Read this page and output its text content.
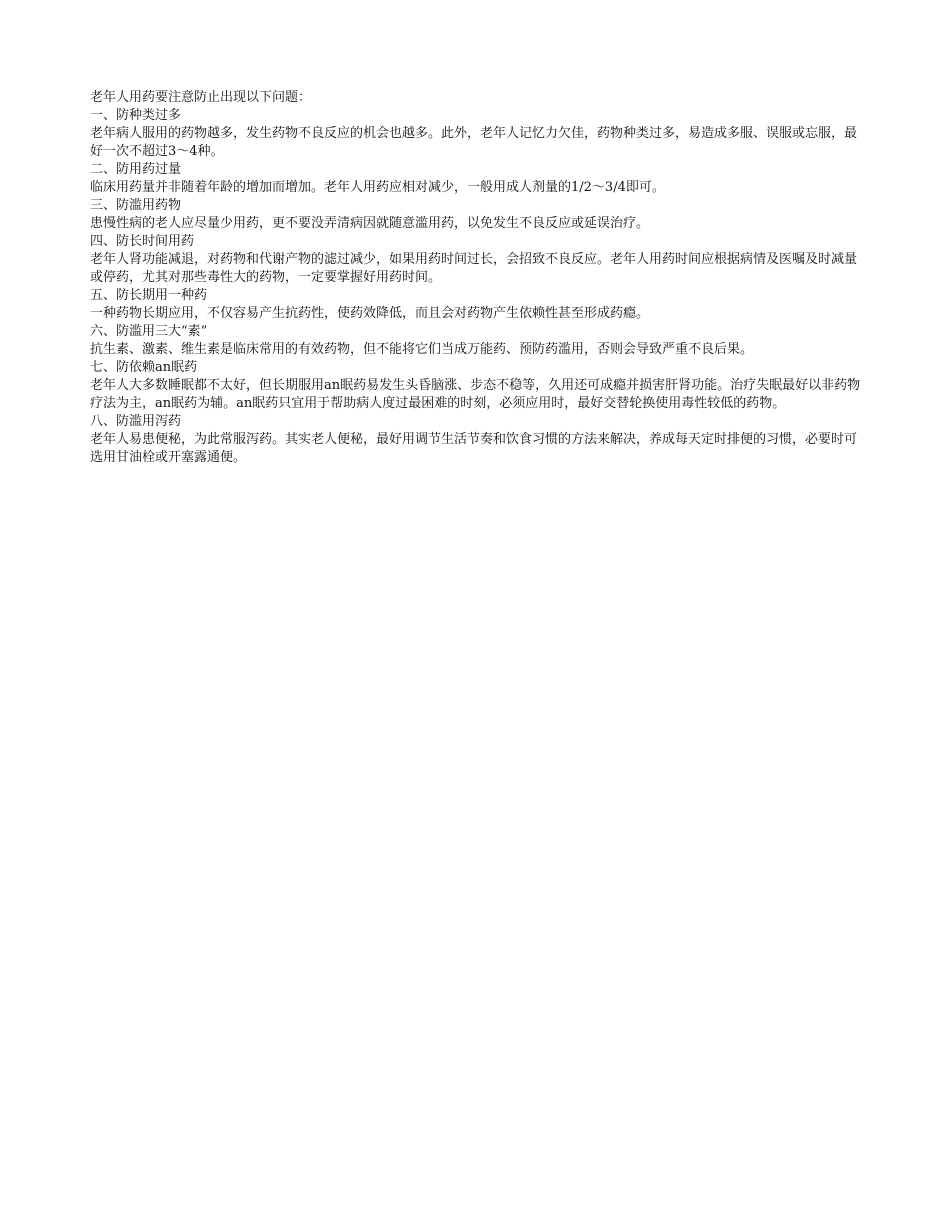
老年人用药要注意防止出现以下问题：

一、防种类过多

老年病人服用的药物越多，发生药物不良反应的机会也越多。此外，老年人记忆力欠佳，药物种类过多，易造成多服、误服或忘服，最好一次不超过3～4种。

二、防用药过量

临床用药量并非随着年龄的增加而增加。老年人用药应相对减少，一般用成人剂量的1/2～3/4即可。

三、防滥用药物

患慢性病的老人应尽量少用药，更不要没弄清病因就随意滥用药，以免发生不良反应或延误治疗。

四、防长时间用药

老年人肾功能减退，对药物和代谢产物的滤过减少，如果用药时间过长，会招致不良反应。老年人用药时间应根据病情及医嘱及时减量或停药，尤其对那些毒性大的药物，一定要掌握好用药时间。

五、防长期用一种药

一种药物长期应用，不仅容易产生抗药性，使药效降低，而且会对药物产生依赖性甚至形成药瘾。

六、防滥用三大“素”

抗生素、激素、维生素是临床常用的有效药物，但不能将它们当成万能药、预防药滥用，否则会导致严重不良后果。

七、防依赖an眠药

老年人大多数睡眠都不太好，但长期服用an眠药易发生头昏脑涨、步态不稳等，久用还可成瘾并损害肝肾功能。治疗失眠最好以非药物疗法为主，an眠药为辅。an眠药只宜用于帮助病人度过最困难的时刻，必须应用时，最好交替轮换使用毒性较低的药物。

八、防滥用泻药

老年人易患便秘，为此常服泻药。其实老人便秘，最好用调节生活节奏和饮食习惯的方法来解决，养成每天定时排便的习惯，必要时可选用甘油栓或开塞露通便。
